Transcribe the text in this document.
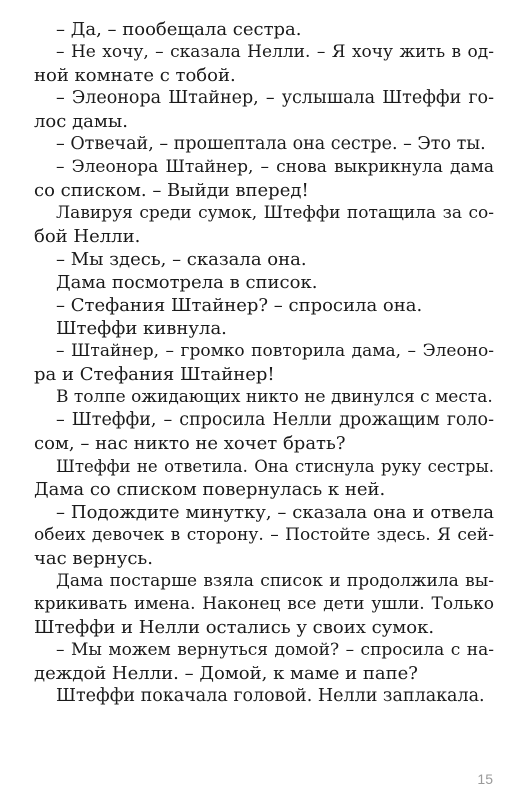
– Да, – пообещала сестра.
– Не хочу, – сказала Нелли. – Я хочу жить в од-
ной комнате с тобой.
– Элеонора Штайнер, – услышала Штеффи го-
лос дамы.
– Отвечай, – прошептала она сестре. – Это ты.
– Элеонора Штайнер, – снова выкрикнула дама
со списком. – Выйди вперед!
Лавируя среди сумок, Штеффи потащила за со-
бой Нелли.
– Мы здесь, – сказала она.
Дама посмотрела в список.
– Стефания Штайнер? – спросила она.
Штеффи кивнула.
– Штайнер, – громко повторила дама, – Элеоно-
ра и Стефания Штайнер!
В толпе ожидающих никто не двинулся с места.
– Штеффи, – спросила Нелли дрожащим голо-
сом, – нас никто не хочет брать?
Штеффи не ответила. Она стиснула руку сестры.
Дама со списком повернулась к ней.
– Подождите минутку, – сказала она и отвела
обеих девочек в сторону. – Постойте здесь. Я сей-
час вернусь.
Дама постарше взяла список и продолжила вы-
крикивать имена. Наконец все дети ушли. Только
Штеффи и Нелли остались у своих сумок.
– Мы можем вернуться домой? – спросила с на-
деждой Нелли. – Домой, к маме и папе?
Штеффи покачала головой. Нелли заплакала.
15
